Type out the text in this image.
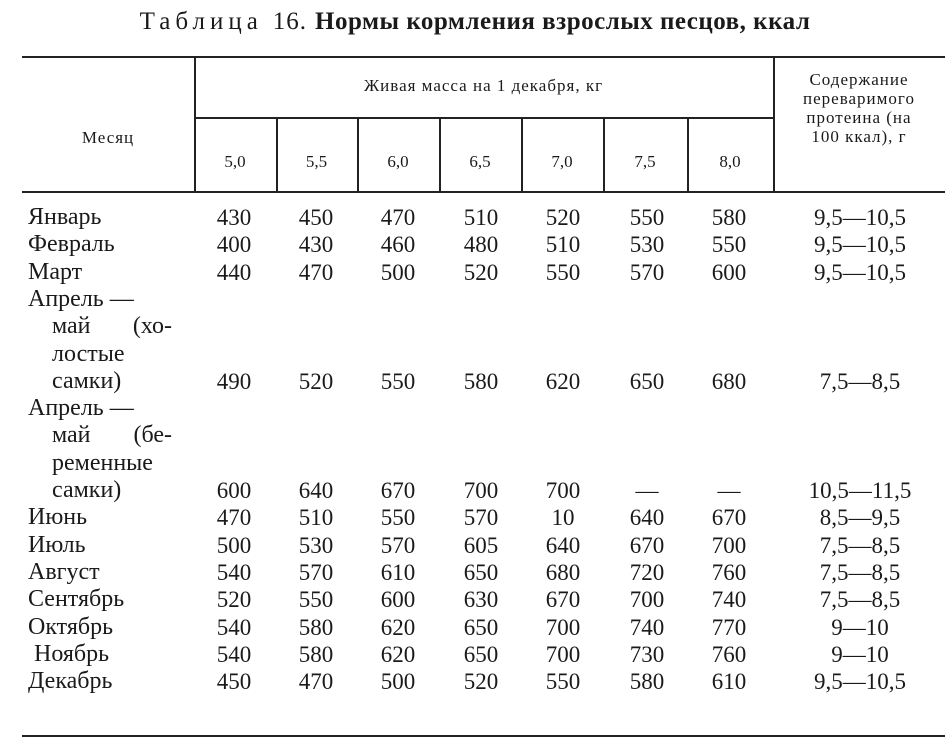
Таблица 16. Нормы кормления взрослых песцов, ккал
Месяц
Живая масса на 1 декабря, кг	Содержание
переваримого
протеина (на
100 ккал), г
5,0	5,5	6,0	6,5	7,0	7,5	8,0
Январь	430	450	470	510	520	550	580	9,5—10,5
Февраль	400	430	460	480	510	530	550	9,5—10,5
Март	440	470	500	520	550	570	600	9,5—10,5
Апрель —
май (хо-
лостые
самки)	490	520	550	580	620	650	680	7,5—8,5
Апрель —
май (бе-
ременные
самки)	600	640	670	700	700	—	—	10,5—11,5
Июнь	470	510	550	570	10	640	670	8,5—9,5
Июль	500	530	570	605	640	670	700	7,5—8,5
Август	540	570	610	650	680	720	760	7,5—8,5
Сентябрь	520	550	600	630	670	700	740	7,5—8,5
Октябрь	540	580	620	650	700	740	770	9—10
Ноябрь	540	580	620	650	700	730	760	9—10
Декабрь	450	470	500	520	550	580	610	9,5—10,5
